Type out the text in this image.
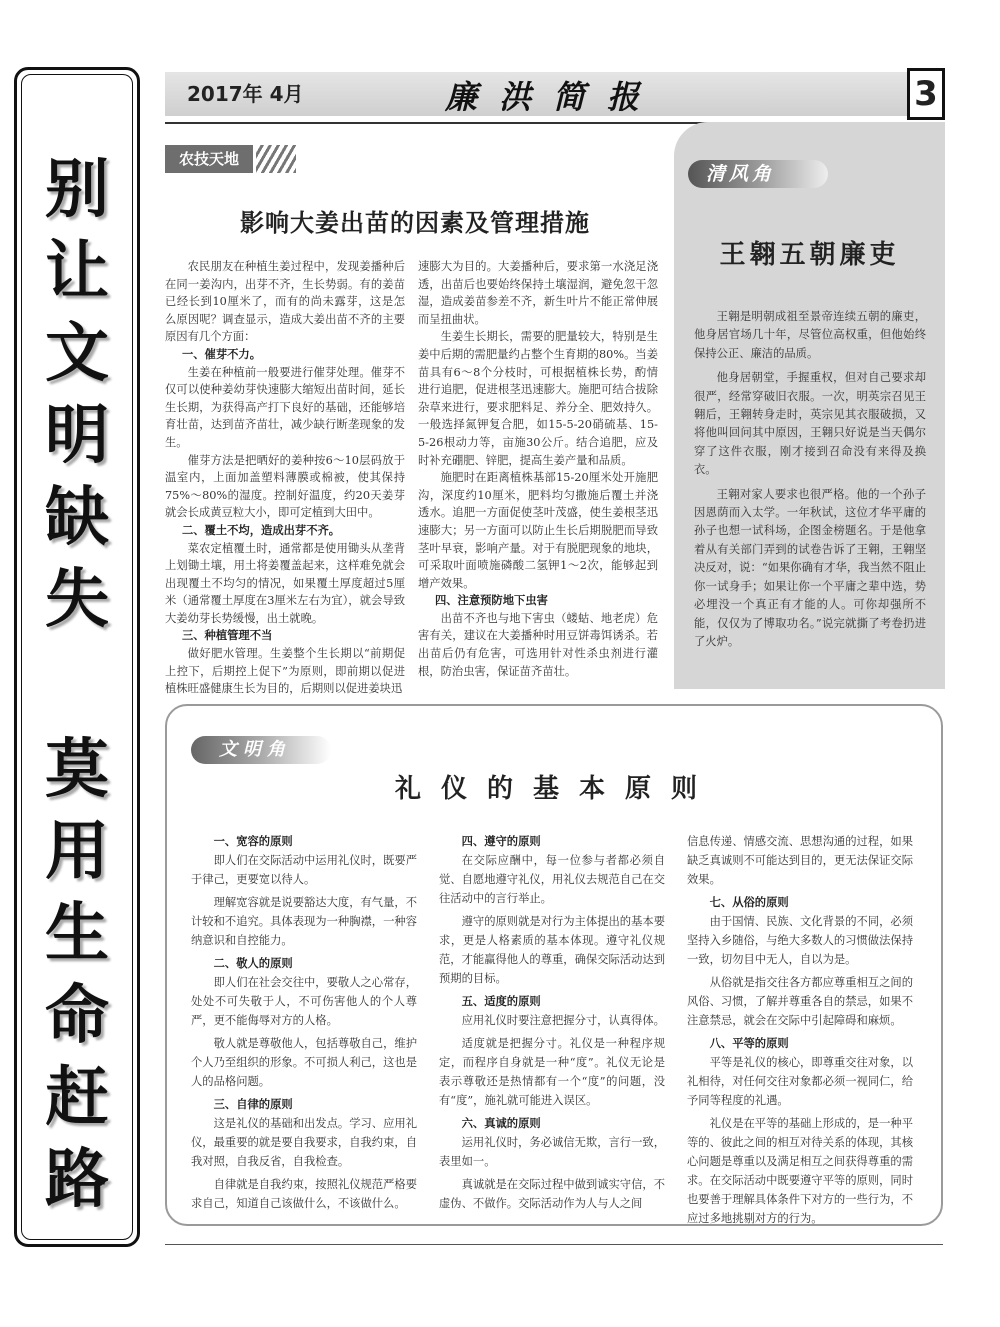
别
让
文
明
缺
失
莫
用
生
命
赶
路
2017年 4月	廉洪简报	3
农技天地
影响大姜出苗的因素及管理措施

农民朋友在种植生姜过程中，发现姜播种后在同一姜沟内，出芽不齐，生长势弱。有的姜苗已经长到10厘米了，而有的尚未露芽，这是怎么原因呢？调查显示，造成大姜出苗不齐的主要原因有几个方面：

一、催芽不力。

生姜在种植前一般要进行催芽处理。催芽不仅可以使种姜幼芽快速膨大缩短出苗时间，延长生长期，为获得高产打下良好的基础，还能够培育壮苗，达到苗齐苗壮，减少缺行断垄现象的发生。

催芽方法是把晒好的姜种按6～10层码放于温室内，上面加盖塑料薄膜或棉被，使其保持75%～80%的湿度。控制好温度，约20天姜芽就会长成黄豆粒大小，即可定植到大田中。

二、覆土不均，造成出芽不齐。

菜农定植覆土时，通常都是使用锄头从垄背上划锄土壤，用土将姜覆盖起来，这样难免就会出现覆土不均匀的情况，如果覆土厚度超过5厘米（通常覆土厚度在3厘米左右为宜），就会导致大姜幼芽长势缓慢，出土就晚。

三、种植管理不当

做好肥水管理。生姜整个生长期以“前期促上控下，后期控上促下”为原则，即前期以促进植株旺盛健康生长为目的，后期则以促进姜块迅

速膨大为目的。大姜播种后，要求第一水浇足浇透，出苗后也要始终保持土壤湿润，避免忽干忽湿，造成姜苗参差不齐，新生叶片不能正常伸展而呈扭曲状。

生姜生长期长，需要的肥量较大，特别是生姜中后期的需肥量约占整个生育期的80%。当姜苗具有6～8个分枝时，可根据植株长势，酌情进行追肥，促进根茎迅速膨大。施肥可结合拔除杂草来进行，要求肥料足、养分全、肥效持久。一般选择氮钾复合肥，如15-5-20硝硫基、15-5-26根动力等，亩施30公斤。结合追肥，应及时补充硼肥、锌肥，提高生姜产量和品质。

施肥时在距离植株基部15-20厘米处开施肥沟，深度约10厘米，肥料均匀撒施后覆土并浇透水。追肥一方面促使茎叶茂盛，使生姜根茎迅速膨大；另一方面可以防止生长后期脱肥而导致茎叶早衰，影响产量。对于有脱肥现象的地块，可采取叶面喷施磷酸二氢钾1～2次，能够起到增产效果。

四、注意预防地下虫害

出苗不齐也与地下害虫（蝼蛄、地老虎）危害有关，建议在大姜播种时用豆饼毒饵诱杀。若出苗后仍有危害，可选用针对性杀虫剂进行灌根，防治虫害，保证苗齐苗壮。

清风角
王翱五朝廉吏

王翱是明朝成祖至景帝连续五朝的廉吏，他身居官场几十年，尽管位高权重，但他始终保持公正、廉洁的品质。

他身居朝堂，手握重权，但对自己要求却很严，经常穿破旧衣服。一次，明英宗召见王翱后，王翱转身走时，英宗见其衣服破损，又将他叫回问其中原因，王翱只好说是当天偶尔穿了这件衣服，刚才接到召命没有来得及换衣。

王翱对家人要求也很严格。他的一个孙子因恩荫而入太学。一年秋试，这位才华平庸的孙子也想一试科场，企图金榜题名。于是他拿着从有关部门弄到的试卷告诉了王翱，王翱坚决反对，说：“如果你确有才华，我当然不阻止你一试身手；如果让你一个平庸之辈中选，势必埋没一个真正有才能的人。可你却强所不能，仅仅为了博取功名。”说完就撕了考卷扔进了火炉。

文明角
礼仪的基本原则
一、宽容的原则

即人们在交际活动中运用礼仪时，既要严于律己，更要宽以待人。

理解宽容就是说要豁达大度，有气量，不计较和不追究。具体表现为一种胸襟，一种容纳意识和自控能力。

二、敬人的原则

即人们在社会交往中，要敬人之心常存，处处不可失敬于人，不可伤害他人的个人尊严，更不能侮辱对方的人格。

敬人就是尊敬他人，包括尊敬自己，维护个人乃至组织的形象。不可损人利己，这也是人的品格问题。

三、自律的原则

这是礼仪的基础和出发点。学习、应用礼仪，最重要的就是要自我要求，自我约束，自我对照，自我反省，自我检查。

自律就是自我约束，按照礼仪规范严格要求自己，知道自己该做什么，不该做什么。

四、遵守的原则

在交际应酬中，每一位参与者都必须自觉、自愿地遵守礼仪，用礼仪去规范自己在交往活动中的言行举止。

遵守的原则就是对行为主体提出的基本要求，更是人格素质的基本体现。遵守礼仪规范，才能赢得他人的尊重，确保交际活动达到预期的目标。

五、适度的原则

应用礼仪时要注意把握分寸，认真得体。

适度就是把握分寸。礼仪是一种程序规定，而程序自身就是一种“度”。礼仪无论是表示尊敬还是热情都有一个“度”的问题，没有“度”，施礼就可能进入误区。

六、真诚的原则

运用礼仪时，务必诚信无欺，言行一致，表里如一。

真诚就是在交际过程中做到诚实守信，不虚伪、不做作。交际活动作为人与人之间

信息传递、情感交流、思想沟通的过程，如果缺乏真诚则不可能达到目的，更无法保证交际效果。

七、从俗的原则

由于国情、民族、文化背景的不同，必须坚持入乡随俗，与绝大多数人的习惯做法保持一致，切勿目中无人，自以为是。

从俗就是指交往各方都应尊重相互之间的风俗、习惯，了解并尊重各自的禁忌，如果不注意禁忌，就会在交际中引起障碍和麻烦。

八、平等的原则

平等是礼仪的核心，即尊重交往对象，以礼相待，对任何交往对象都必须一视同仁，给予同等程度的礼遇。

礼仪是在平等的基础上形成的，是一种平等的、彼此之间的相互对待关系的体现，其核心问题是尊重以及满足相互之间获得尊重的需求。在交际活动中既要遵守平等的原则，同时也要善于理解具体条件下对方的一些行为，不应过多地挑剔对方的行为。
